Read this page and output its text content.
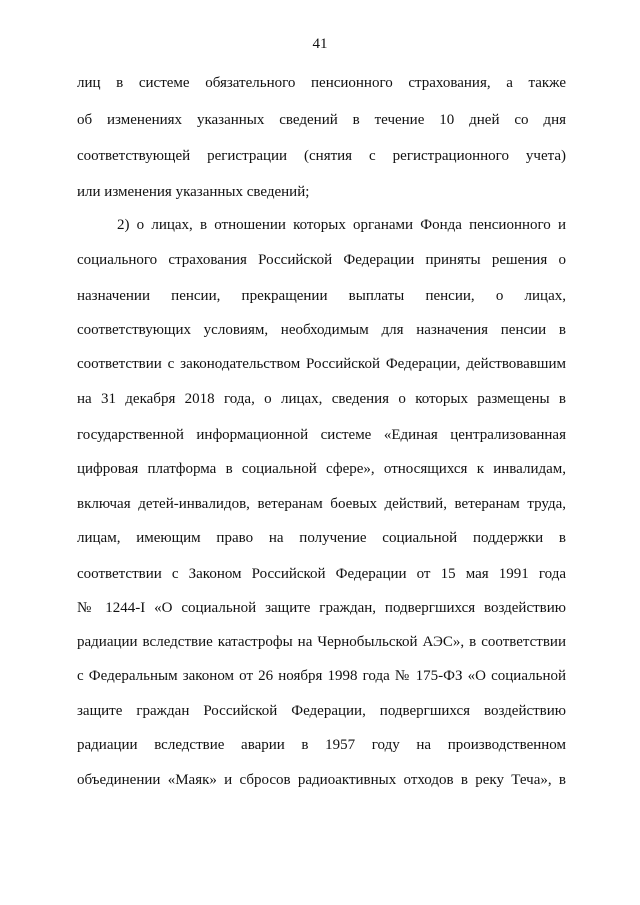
41
лиц в системе обязательного пенсионного страхования, а также
об изменениях указанных сведений в течение 10 дней со дня
соответствующей регистрации (снятия с регистрационного учета)
или изменения указанных сведений;
2) о лицах, в отношении которых органами Фонда пенсионного и
социального страхования Российской Федерации приняты решения о
назначении пенсии, прекращении выплаты пенсии, о лицах,
соответствующих условиям, необходимым для назначения пенсии в
соответствии с законодательством Российской Федерации, действовавшим
на 31 декабря 2018 года, о лицах, сведения о которых размещены в
государственной информационной системе «Единая централизованная
цифровая платформа в социальной сфере», относящихся к инвалидам,
включая детей-инвалидов, ветеранам боевых действий, ветеранам труда,
лицам, имеющим право на получение социальной поддержки в
соответствии с Законом Российской Федерации от 15 мая 1991 года
№ 1244-I «О социальной защите граждан, подвергшихся воздействию
радиации вследствие катастрофы на Чернобыльской АЭС», в соответствии
с Федеральным законом от 26 ноября 1998 года № 175-ФЗ «О социальной
защите граждан Российской Федерации, подвергшихся воздействию
радиации вследствие аварии в 1957 году на производственном
объединении «Маяк» и сбросов радиоактивных отходов в реку Теча», в
